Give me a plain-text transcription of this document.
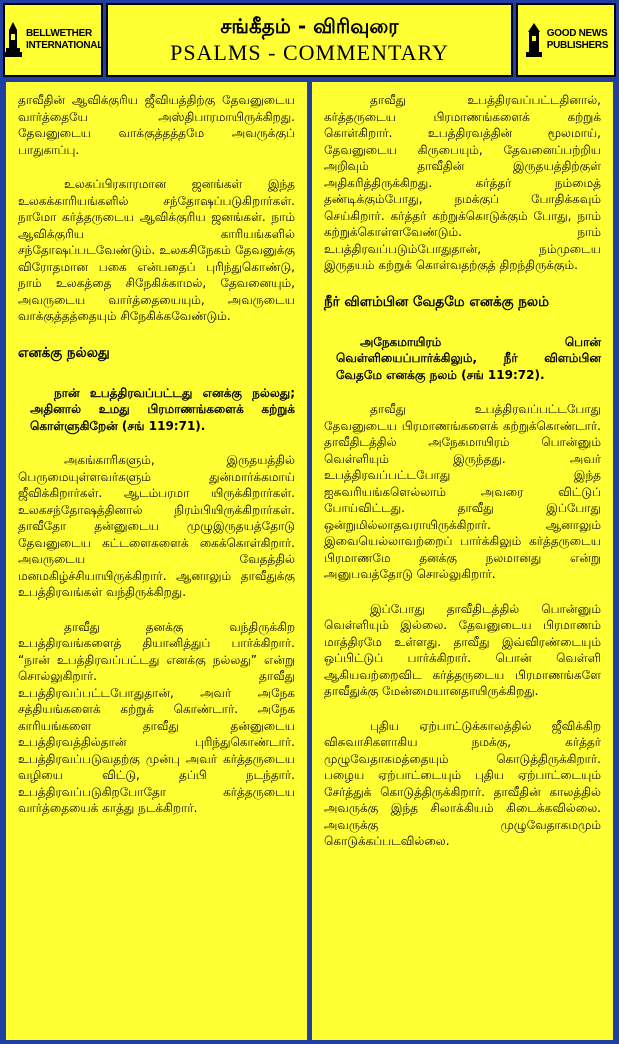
BELLWETHER
INTERNATIONAL
சங்கீதம் - விரிவுரை
PSALMS - COMMENTARY
GOOD NEWS
PUBLISHERS

தாவீதின் ஆவிக்குரிய ஜீவியத்திற்கு தேவனுடைய வார்த்தையே அஸ்திபாரமாயிருக்கிறது. தேவனுடைய வாக்குத்தத்தமே அவருக்குப் பாதுகாப்பு.

உலகப்பிரகாரமான ஜனங்கள் இந்த உலகக்காரியங்களில் சந்தோஷப்படுகிறார்கள். நாமோ கர்த்தருடைய ஆவிக்குரிய ஜனங்கள். நாம் ஆவிக்குரிய காரியங்களில் சந்தோஷப்படவேண்டும். உலகசிநேகம் தேவனுக்கு விரோதமான பகை என்பதைப் புரிந்துகொண்டு, நாம் உலகத்தை சிநேகிக்காமல், தேவனையும், அவருடைய வார்த்தையையும், அவருடைய வாக்குத்தத்தையும் சிநேகிக்கவேண்டும்.

எனக்கு நல்லது

நான் உபத்திரவப்பட்டது எனக்கு நல்லது; அதினால் உமது பிரமாணங்களைக் கற்றுக் கொள்ளுகிறேன் (சங் 119:71).

அகங்காரிகளும், இருதயத்தில் பெருமையுள்ளவர்களும் துன்மார்க்கமாய் ஜீவிக்கிறார்கள். ஆடம்பரமா யிருக்கிறார்கள். உலகசந்தோஷத்தினால் நிரம்பியிருக்கிறார்கள். தாவீதோ தன்னுடைய முழுஇருதயத்தோடு தேவனுடைய கட்டளைகளைக் கைக்கொள்கிறார். அவருடைய வேதத்தில் மனமகிழ்ச்சியாயிருக்கிறார். ஆனாலும் தாவீதுக்கு உபத்திரவங்கள் வந்திருக்கிறது.

தாவீது தனக்கு வந்திருக்கிற உபத்திரவங்களைத் தியானித்துப் பார்க்கிறார். “நான் உபத்திரவப்பட்டது எனக்கு நல்லது” என்று சொல்லுகிறார். தாவீது உபத்திரவப்பட்டபோதுதான், அவர் அநேக சத்தியங்களைக் கற்றுக் கொண்டார். அநேக காரியங்களை தாவீது தன்னுடைய உபத்திரவத்தில்தான் புரிந்துகொண்டார். உபத்திரவப்படுவதற்கு முன்பு அவர் கர்த்தருடைய வழியை விட்டு, தப்பி நடந்தார். உபத்திரவப்படுகிறபோதோ கர்த்தருடைய வார்த்தையைக் காத்து நடக்கிறார்.

தாவீது உபத்திரவப்பட்டதினால், கர்த்தருடைய பிரமாணங்களைக் கற்றுக் கொள்கிறார். உபத்திரவத்தின் மூலமாய், தேவனுடைய கிருபையும், தேவனைப்பற்றிய அறிவும் தாவீதின் இருதயத்திற்குள் அதிகரித்திருக்கிறது. கர்த்தர் நம்மைத் தண்டிக்கும்போது, நமக்குப் போதிக்கவும் செய்கிறார். கர்த்தர் கற்றுக்கொடுக்கும் போது, நாம் கற்றுக்கொள்ளவேண்டும். நாம் உபத்திரவப்படும்போதுதான், நம்முடைய இருதயம் கற்றுக் கொள்வதற்குத் திறந்திருக்கும்.

நீர் விளம்பின வேதமே எனக்கு நலம்

அநேகமாயிரம் பொன் வெள்ளியைப்பார்க்கிலும், நீர் விளம்பின வேதமே எனக்கு நலம் (சங் 119:72).

தாவீது உபத்திரவப்பட்டபோது தேவனுடைய பிரமாணங்களைக் கற்றுக்கொண்டார். தாவீதிடத்தில் அநேகமாயிரம் பொன்னும் வெள்ளியும் இருந்தது. அவர் உபத்திரவப்பட்டபோது இந்த ஐசுவரியங்களெல்லாம் அவரை விட்டுப் போய்விட்டது. தாவீது இப்போது ஒன்றுமில்லாதவராயிருக்கிறார். ஆனாலும் இவையெல்லாவற்றைப் பார்க்கிலும் கர்த்தருடைய பிரமாணமே தனக்கு நலமானது என்று அனுபவத்தோடு சொல்லுகிறார்.

இப்போது தாவீதிடத்தில் பொன்னும் வெள்ளியும் இல்லை. தேவனுடைய பிரமாணம் மாத்திரமே உள்ளது. தாவீது இவ்விரண்டையும் ஒப்பிட்டுப் பார்க்கிறார். பொன் வெள்ளி ஆகியவற்றைவிட கர்த்தருடைய பிரமாணங்களே தாவீதுக்கு மேன்மையானதாயிருக்கிறது.

புதிய ஏற்பாட்டுக்காலத்தில் ஜீவிக்கிற விசுவாசிகளாகிய நமக்கு, கர்த்தர் முழுவேதாகமத்தையும் கொடுத்திருக்கிறார். பழைய ஏற்பாட்டையும் புதிய ஏற்பாட்டையும் சேர்த்துக் கொடுத்திருக்கிறார். தாவீதின் காலத்தில் அவருக்கு இந்த சிலாக்கியம் கிடைக்கவில்லை. அவருக்கு முழுவேதாகமமும் கொடுக்கப்படவில்லை.
